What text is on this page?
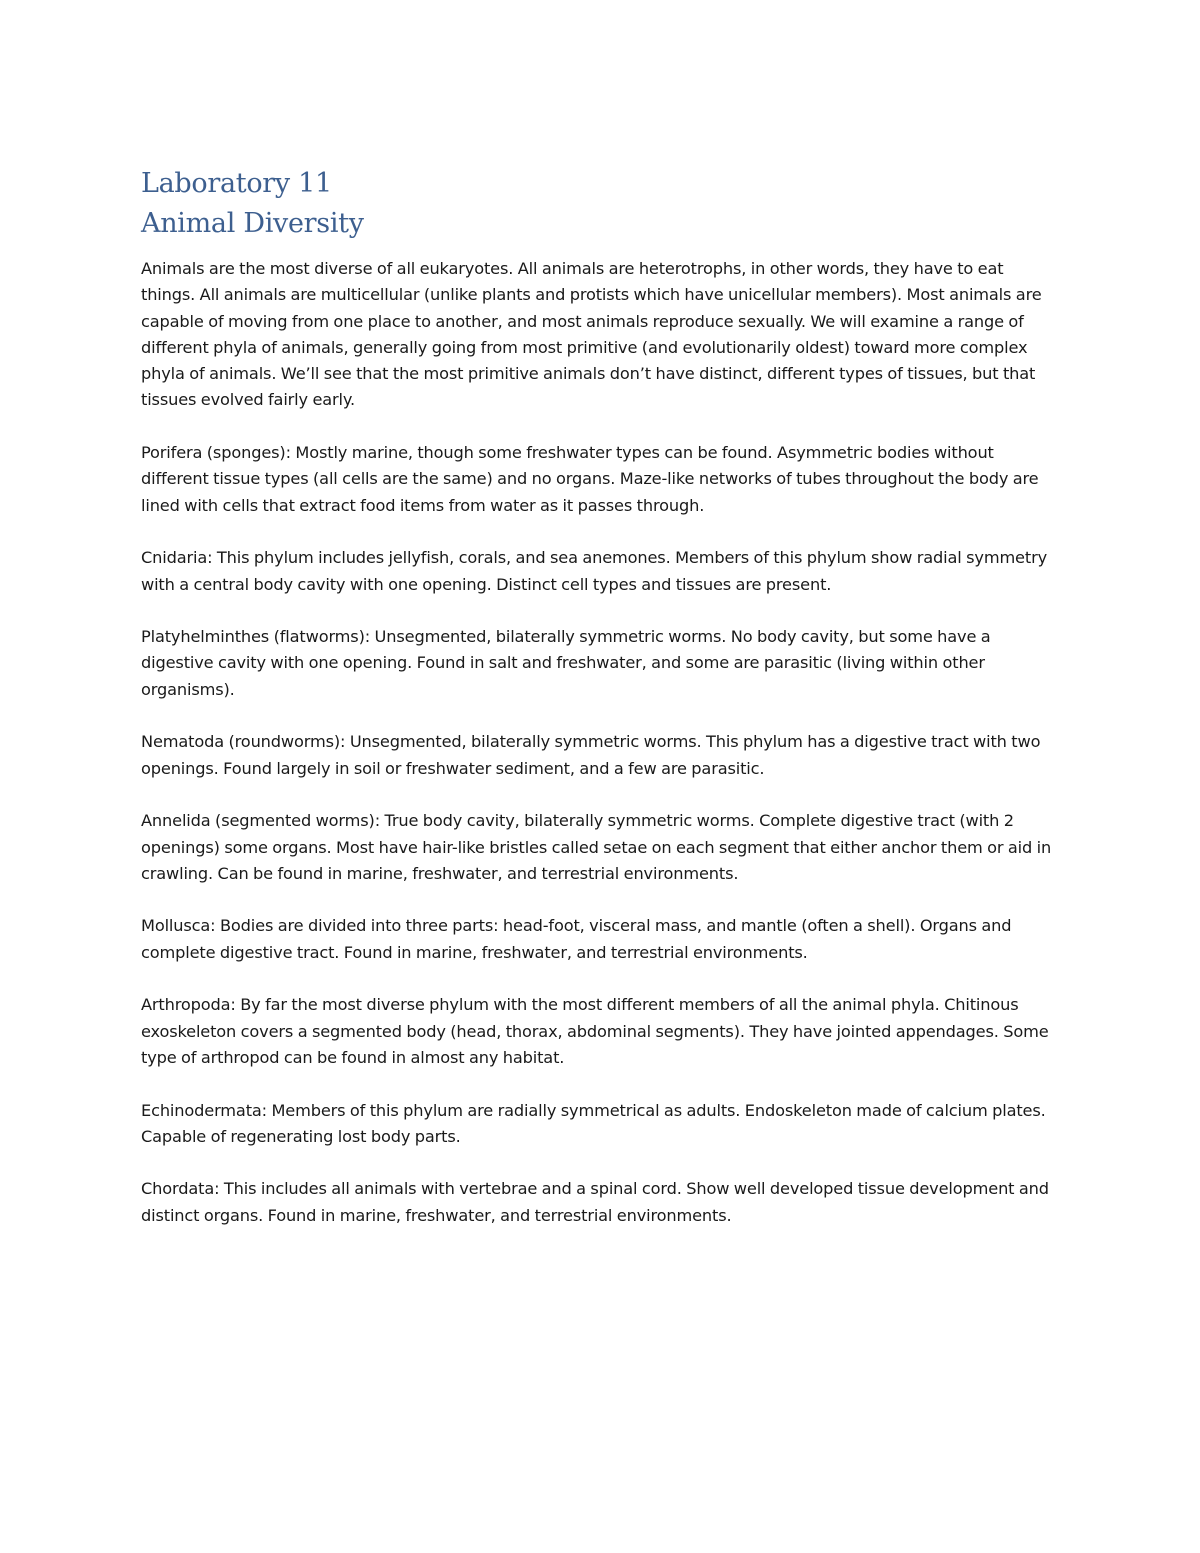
Laboratory 11
Animal Diversity

Animals are the most diverse of all eukaryotes. All animals are heterotrophs, in other words, they have to eat things. All animals are multicellular (unlike plants and protists which have unicellular members). Most animals are capable of moving from one place to another, and most animals reproduce sexually. We will examine a range of different phyla of animals, generally going from most primitive (and evolutionarily oldest) toward more complex phyla of animals. We’ll see that the most primitive animals don’t have distinct, different types of tissues, but that tissues evolved fairly early.

Porifera (sponges): Mostly marine, though some freshwater types can be found. Asymmetric bodies without different tissue types (all cells are the same) and no organs. Maze-like networks of tubes throughout the body are lined with cells that extract food items from water as it passes through.

Cnidaria: This phylum includes jellyfish, corals, and sea anemones. Members of this phylum show radial symmetry with a central body cavity with one opening. Distinct cell types and tissues are present.

Platyhelminthes (flatworms): Unsegmented, bilaterally symmetric worms. No body cavity, but some have a digestive cavity with one opening. Found in salt and freshwater, and some are parasitic (living within other organisms).

Nematoda (roundworms): Unsegmented, bilaterally symmetric worms. This phylum has a digestive tract with two openings. Found largely in soil or freshwater sediment, and a few are parasitic.

Annelida (segmented worms): True body cavity, bilaterally symmetric worms. Complete digestive tract (with 2 openings) some organs. Most have hair-like bristles called setae on each segment that either anchor them or aid in crawling. Can be found in marine, freshwater, and terrestrial environments.

Mollusca: Bodies are divided into three parts: head-foot, visceral mass, and mantle (often a shell). Organs and complete digestive tract. Found in marine, freshwater, and terrestrial environments.

Arthropoda: By far the most diverse phylum with the most different members of all the animal phyla. Chitinous exoskeleton covers a segmented body (head, thorax, abdominal segments). They have jointed appendages. Some type of arthropod can be found in almost any habitat.

Echinodermata: Members of this phylum are radially symmetrical as adults. Endoskeleton made of calcium plates. Capable of regenerating lost body parts.

Chordata: This includes all animals with vertebrae and a spinal cord. Show well developed tissue development and distinct organs. Found in marine, freshwater, and terrestrial environments.
